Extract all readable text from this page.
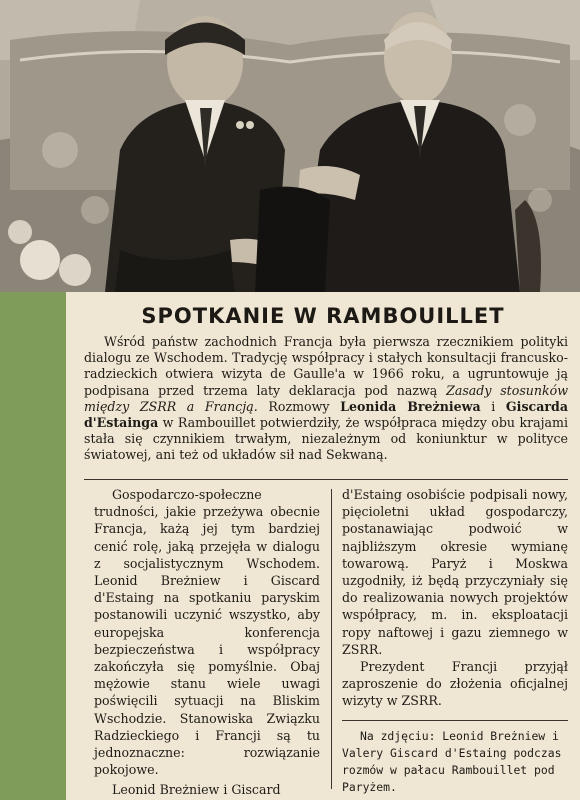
SPOTKANIE W RAMBOUILLET

Wśród państw zachodnich Francja była pierwsza rzecznikiem polityki dialogu ze Wschodem. Tradycję współpracy i stałych konsultacji francusko-radzieckich otwiera wizyta de Gaulle'a w 1966 roku, a ugruntowuje ją podpisana przed trzema laty deklaracja pod nazwą Zasady stosunków między ZSRR a Francją. Rozmowy Leonida Breżniewa i Giscarda d'Estainga w Rambouillet potwierdziły, że współpraca między obu krajami stała się czynnikiem trwałym, niezależnym od koniunktur w polityce światowej, ani też od układów sił nad Sekwaną.

Gospodarczo-społeczne trudności, jakie przeżywa obecnie Francja, każą jej tym bardziej cenić rolę, jaką przejęła w dialogu z socjalistycznym Wschodem. Leonid Breżniew i Giscard d'Estaing na spotkaniu paryskim postanowili uczynić wszystko, aby europejska konferencja bezpieczeństwa i współpracy zakończyła się pomyślnie. Obaj mężowie stanu wiele uwagi poświęcili sytuacji na Bliskim Wschodzie. Stanowiska Związku Radzieckiego i Francji są tu jednoznaczne: rozwiązanie pokojowe.

Leonid Breżniew i Giscard

d'Estaing osobiście podpisali nowy, pięcioletni układ gospodarczy, postanawiając podwoić w najbliższym okresie wymianę towarową. Paryż i Moskwa uzgodniły, iż będą przyczyniały się do realizowania nowych projektów współpracy, m. in. eksploatacji ropy naftowej i gazu ziemnego w ZSRR.

Prezydent Francji przyjął zaproszenie do złożenia oficjalnej wizyty w ZSRR.

Na zdjęciu: Leonid Breżniew i Valery Giscard d'Estaing podczas rozmów w pałacu Rambouillet pod Paryżem.
